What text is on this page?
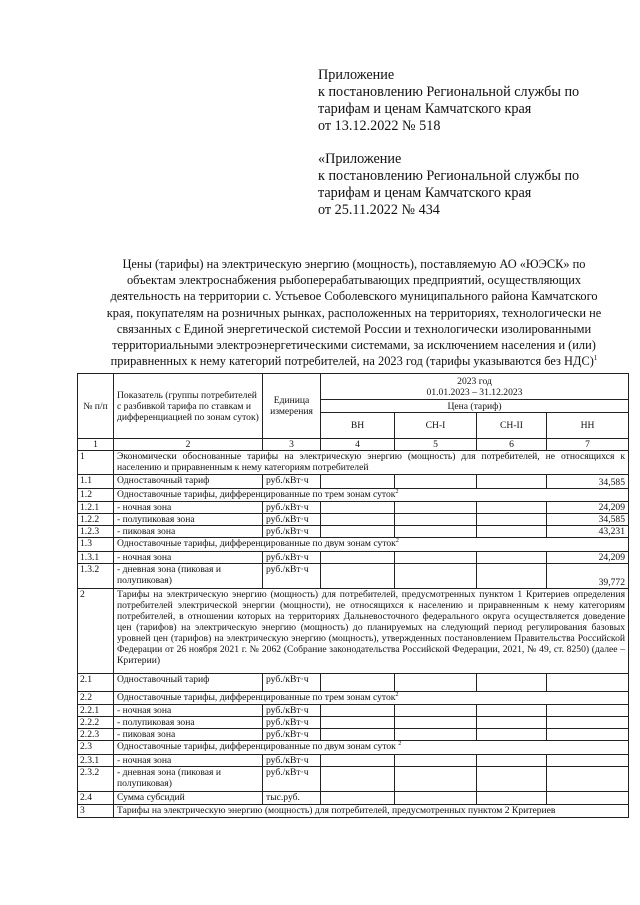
Приложение
к постановлению Региональной службы по
тарифам и ценам Камчатского края
от 13.12.2022 № 518
«Приложение
к постановлению Региональной службы по
тарифам и ценам Камчатского края
от 25.11.2022 № 434
Цены (тарифы) на электрическую энергию (мощность), поставляемую АО «ЮЭСК» по
объектам электроснабжения рыбоперерабатывающих предприятий, осуществляющих
деятельность на территории с. Устьевое Соболевского муниципального района Камчатского
края, покупателям на розничных рынках, расположенных на территориях, технологически не
связанных с Единой энергетической системой России и технологически изолированными
территориальными электроэнергетическими системами, за исключением населения и (или)
приравненных к нему категорий потребителей, на 2023 год (тарифы указываются без НДС)$^1$
№ п/п	Показатель (группы потребителей с разбивкой тарифа по ставкам и дифференциацией по зонам суток)	Единица измерения	2023 год
01.01.2023 – 31.12.2023			

			Цена (тариф)			
			ВН	СН-I	СН-II	НН
1	2	3	4	5	6	7
1	Экономически обоснованные тарифы на электрическую энергию (мощность) для потребителей, не относящихся к населению и приравненным к нему категориям потребителей					
1.1	Одноставочный тариф	руб./кВт·ч				34,585
1.2	Одноставочные тарифы, дифференцированные по трем зонам суток$^2$
1.2.1	- ночная зона	руб./кВт·ч				24,209
1.2.2	- полупиковая зона	руб./кВт·ч				34,585
1.2.3	- пиковая зона	руб./кВт·ч				43,231
1.3	Одноставочные тарифы, дифференцированные по двум зонам суток$^2$
1.3.1	- ночная зона	руб./кВт·ч				24,209
1.3.2	- дневная зона (пиковая и полупиковая)	руб./кВт·ч				39,772
2	Тарифы на электрическую энергию (мощность) для потребителей, предусмотренных пунктом 1 Критериев определения потребителей электрической энергии (мощности), не относящихся к населению и приравненным к нему категориям потребителей, в отношении которых на территориях Дальневосточного федерального округа осуществляется доведение цен (тарифов) на электрическую энергию (мощность) до планируемых на следующий период регулирования базовых уровней цен (тарифов) на электрическую энергию (мощность), утвержденных постановлением Правительства Российской Федерации от 26 ноября 2021 г. № 2062 (Собрание законодательства Российской Федерации, 2021, № 49, ст. 8250) (далее – Критерии)					
2.1	Одноставочный тариф	руб./кВт·ч				
2.2	Одноставочные тарифы, дифференцированные по трем зонам суток$^2$
2.2.1	- ночная зона	руб./кВт·ч				
2.2.2	- полупиковая зона	руб./кВт·ч				
2.2.3	- пиковая зона	руб./кВт·ч				
2.3	Одноставочные тарифы, дифференцированные по двум зонам суток $^2$
2.3.1	- ночная зона	руб./кВт·ч				
2.3.2	- дневная зона (пиковая и полупиковая)	руб./кВт·ч				
2.4	Сумма субсидий	тыс.руб.				
3	Тарифы на электрическую энергию (мощность) для потребителей, предусмотренных пунктом 2 Критериев					
